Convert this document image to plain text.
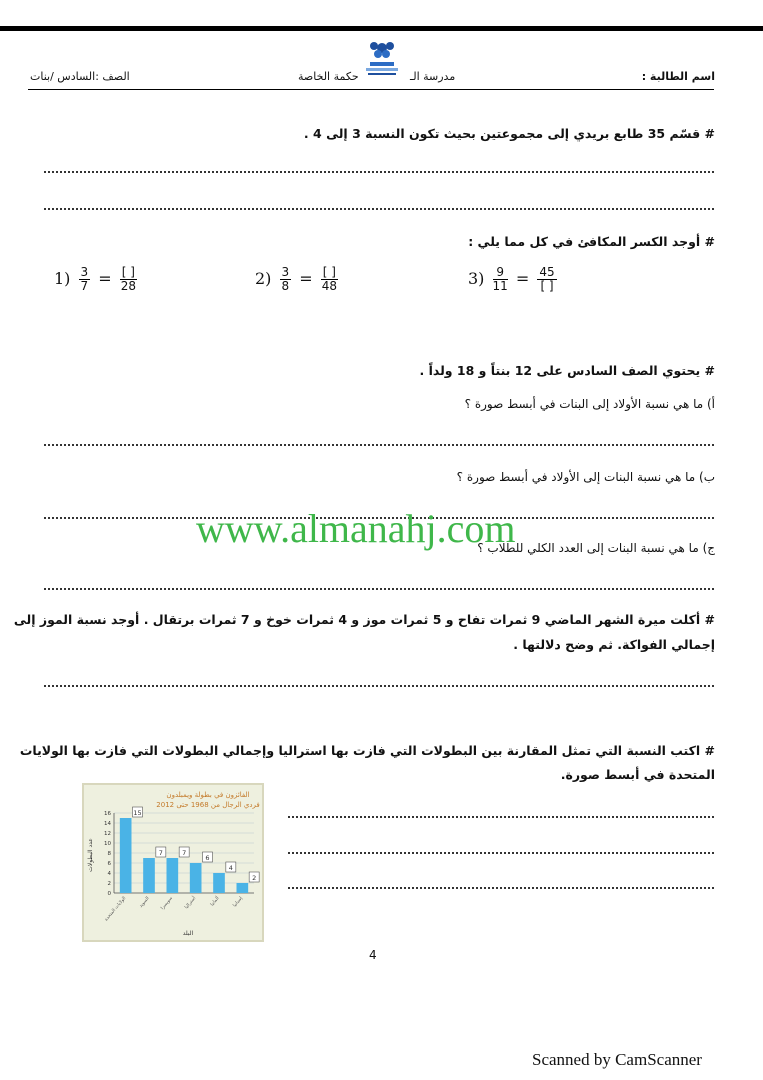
اسم الطالبة :
مدرسة الـ
حكمة الخاصة
الصف :السادس /بنات
# قسّم 35 طابع بريدي إلى مجموعتين بحيث تكون النسبة 3 إلى 4 .
# أوجد الكسر المكافئ في كل مما يلي :
$1) \frac{3}{7} = \frac{[ ]}{28}$	$2) \frac{3}{8} = \frac{[ ]}{48}$	$3) \frac{9}{11} = \frac{45}{[ ]}$
# يحتوي الصف السادس على 12 بنتاً و 18 ولداً .
أ) ما هي نسبة الأولاد إلى البنات في أبسط صورة ؟
ب) ما هي نسبة البنات إلى الأولاد في أبسط صورة ؟
ج) ما هي نسبة البنات إلى العدد الكلي للطلاب ؟
www.almanahj.com
# أكلت ميرة الشهر الماضي 9 ثمرات تفاح و 5 ثمرات موز و 4 ثمرات خوخ و 7 ثمرات برتقال . أوجد نسبة الموز إلى
إجمالي الفواكة. ثم وضح دلالتها .
# اكتب النسبة التي تمثل المقارنة بين البطولات التي فازت بها استراليا وإجمالي البطولات التي فازت بها الولايات
المتحدة في أبسط صورة.
الفائزون في بطولة ويمبلدون
فردي الرجال من 1968 حتى 2012
عدد البطولات
البلد
0
2
4
6
8
10
12
14
16	15
الولايات المتحدة
7
السويد
7
سويسرا
6
أستراليا
4
ألمانيا
2
إسبانيا
4
Scanned by CamScanner
